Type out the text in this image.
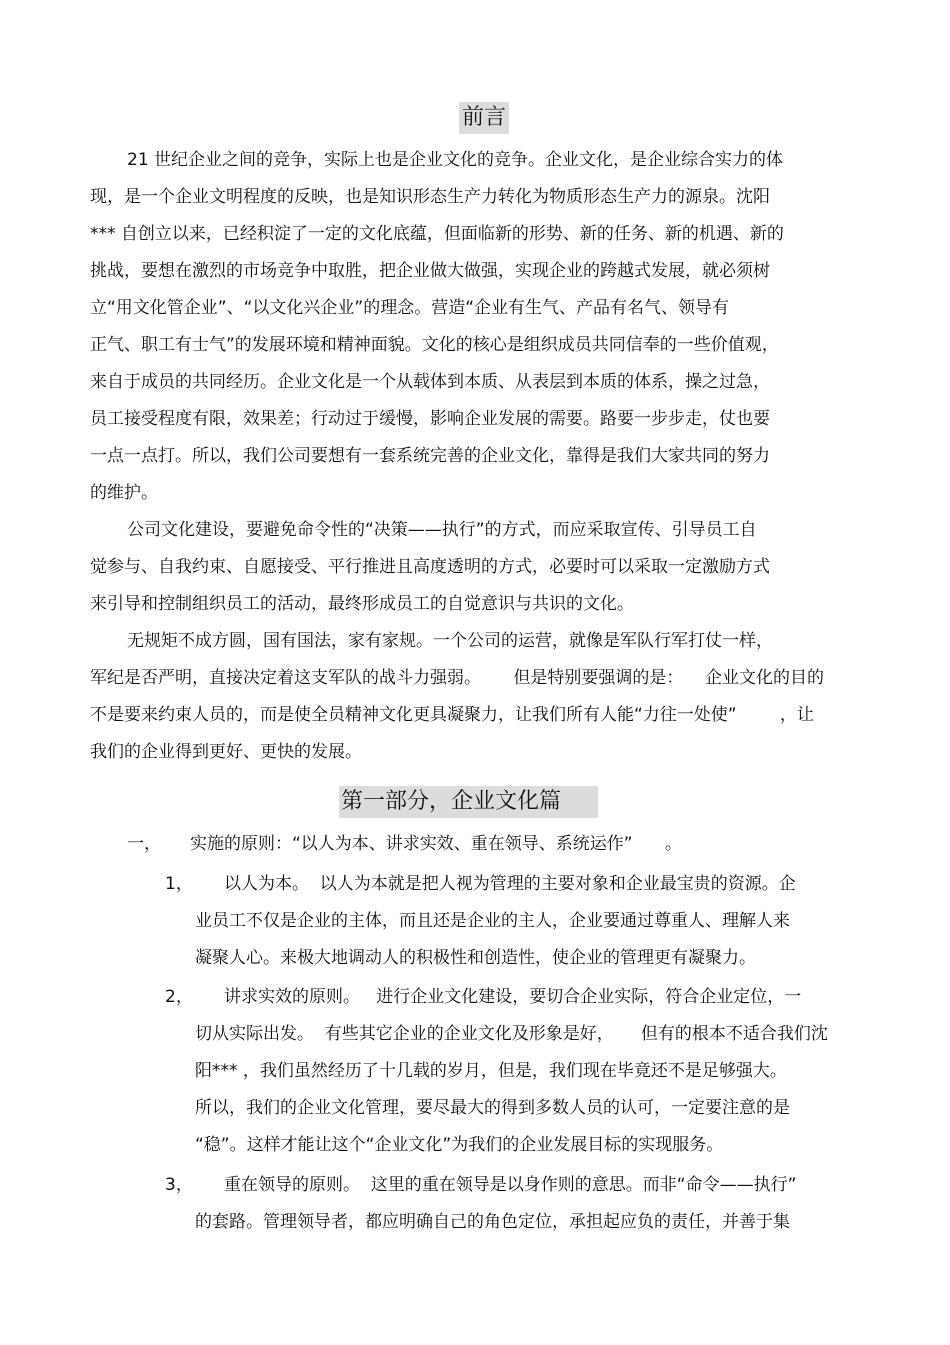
前言
21 世纪企业之间的竞争，实际上也是企业文化的竞争。企业文化，是企业综合实力的体
现，是一个企业文明程度的反映，也是知识形态生产力转化为物质形态生产力的源泉。沈阳
*** 自创立以来，已经积淀了一定的文化底蕴，但面临新的形势、新的任务、新的机遇、新的
挑战，要想在激烈的市场竞争中取胜，把企业做大做强，实现企业的跨越式发展，就必须树
立“用文化管企业”、“以文化兴企业”的理念。营造“企业有生气、产品有名气、领导有
正气、职工有士气”的发展环境和精神面貌。文化的核心是组织成员共同信奉的一些价值观，
来自于成员的共同经历。企业文化是一个从载体到本质、从表层到本质的体系，操之过急，
员工接受程度有限，效果差；行动过于缓慢，影响企业发展的需要。路要一步步走，仗也要
一点一点打。所以，我们公司要想有一套系统完善的企业文化，靠得是我们大家共同的努力
的维护。
公司文化建设，要避免命令性的“决策——执行”的方式，而应采取宣传、引导员工自
觉参与、自我约束、自愿接受、平行推进且高度透明的方式，必要时可以采取一定激励方式
来引导和控制组织员工的活动，最终形成员工的自觉意识与共识的文化。
无规矩不成方圆，国有国法，家有家规。一个公司的运营，就像是军队行军打仗一样，
军纪是否严明，直接决定着这支军队的战斗力强弱。      但是特别要强调的是：    企业文化的目的
不是要来约束人员的，而是使全员精神文化更具凝聚力，让我们所有人能“力往一处使”        ，让
我们的企业得到更好、更快的发展。
第一部分，企业文化篇
一， 实施的原则：“以人为本、讲求实效、重在领导、系统运作”      。
1， 以人为本。  以人为本就是把人视为管理的主要对象和企业最宝贵的资源。企
业员工不仅是企业的主体，而且还是企业的主人，企业要通过尊重人、理解人来
凝聚人心。来极大地调动人的积极性和创造性，使企业的管理更有凝聚力。
2， 讲求实效的原则。   进行企业文化建设，要切合企业实际，符合企业定位，一
切从实际出发。  有些其它企业的企业文化及形象是好，     但有的根本不适合我们沈
阳*** ，我们虽然经历了十几载的岁月，但是，我们现在毕竟还不是足够强大。
所以，我们的企业文化管理，要尽最大的得到多数人员的认可，一定要注意的是
“稳”。这样才能让这个“企业文化”为我们的企业发展目标的实现服务。
3， 重在领导的原则。  这里的重在领导是以身作则的意思。而非“命令——执行”
的套路。管理领导者，都应明确自己的角色定位，承担起应负的责任，并善于集
